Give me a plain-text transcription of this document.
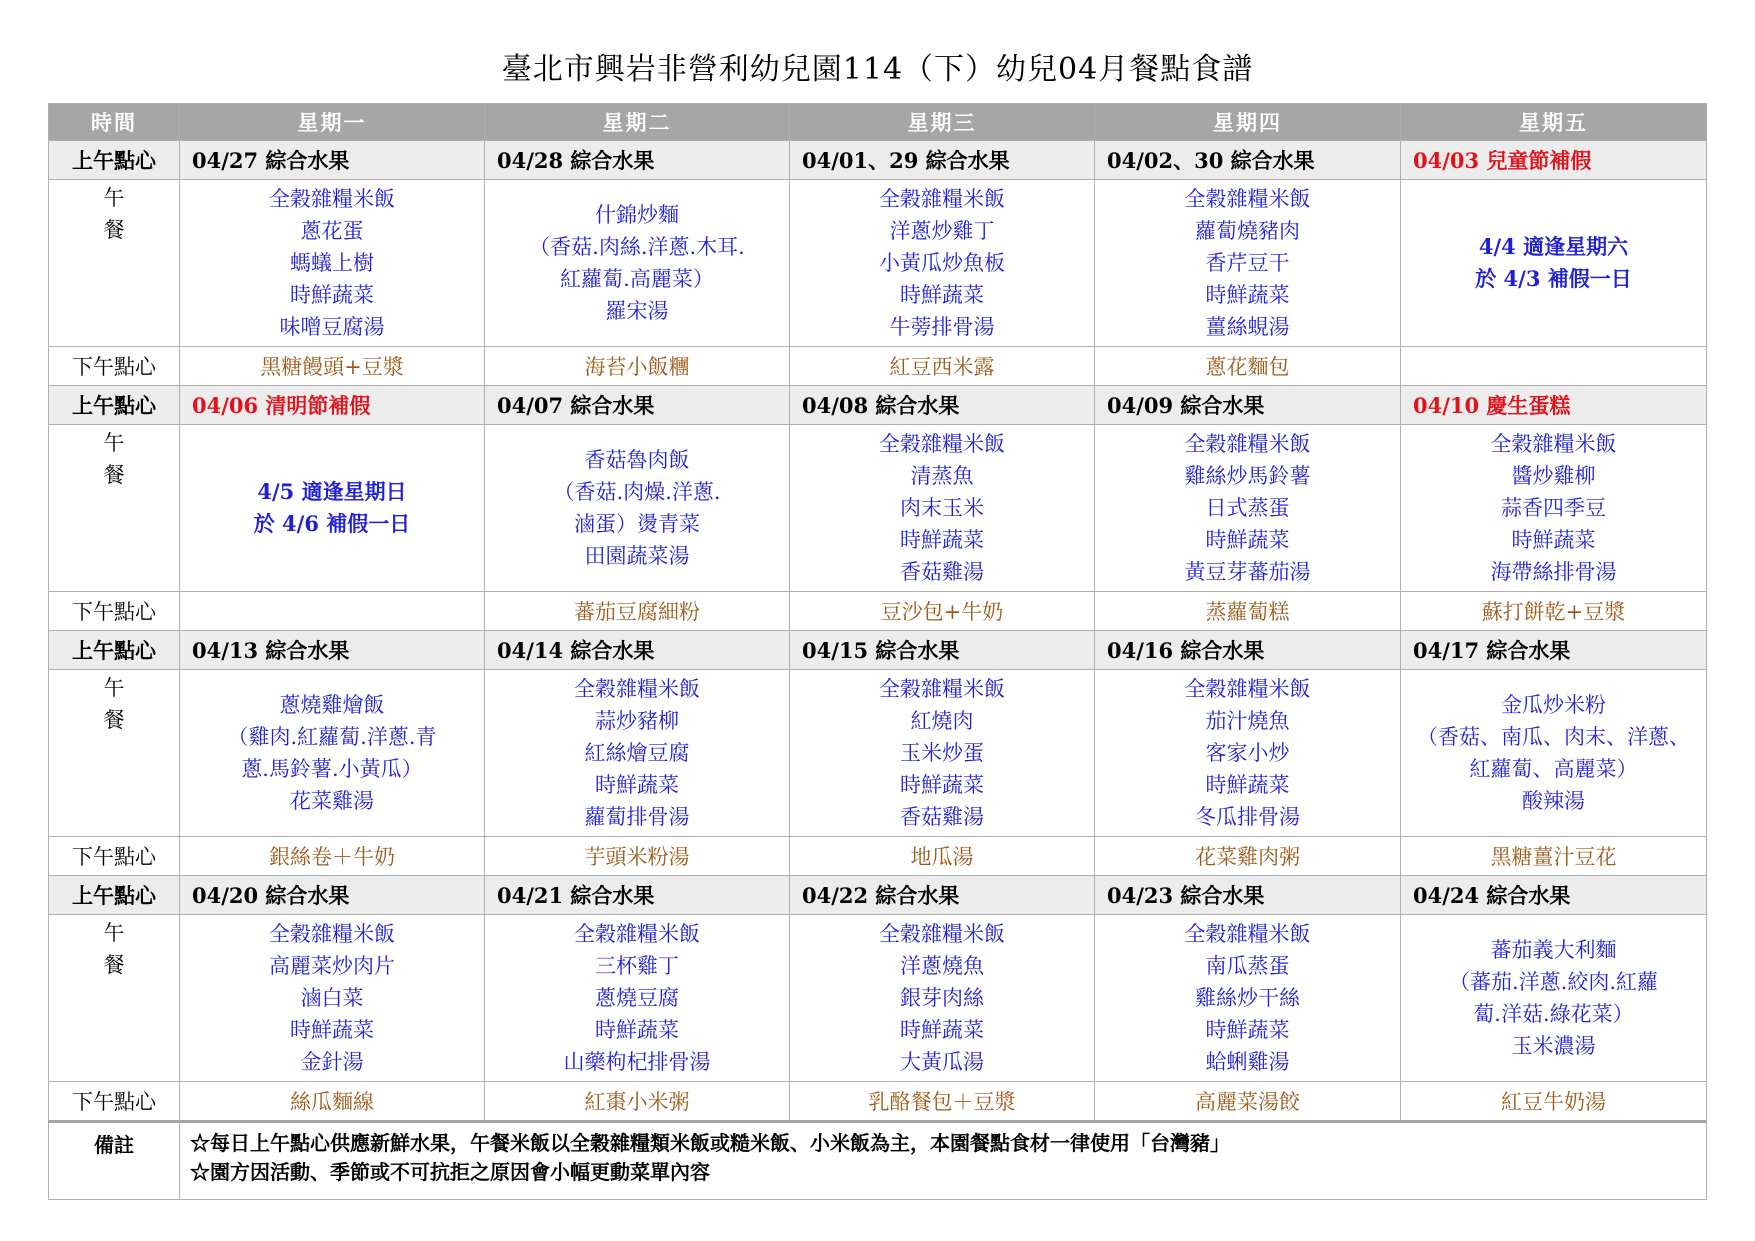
臺北市興岩非營利幼兒園114（下）幼兒04月餐點食譜
時間	星期一	星期二	星期三	星期四	星期五
上午點心	04/27 綜合水果	04/28 綜合水果	04/01、29 綜合水果	04/02、30 綜合水果	04/03 兒童節補假
午餐	全穀雜糧米飯
蔥花蛋
螞蟻上樹
時鮮蔬菜
味噌豆腐湯	什錦炒麵
（香菇.肉絲.洋蔥.木耳.
紅蘿蔔.高麗菜）
羅宋湯	全穀雜糧米飯
洋蔥炒雞丁
小黃瓜炒魚板
時鮮蔬菜
牛蒡排骨湯	全穀雜糧米飯
蘿蔔燒豬肉
香芹豆干
時鮮蔬菜
薑絲蜆湯	4/4 適逢星期六
於 4/3 補假一日

下午點心	黑糖饅頭+豆漿	海苔小飯糰	紅豆西米露	蔥花麵包	
上午點心	04/06 清明節補假	04/07 綜合水果	04/08 綜合水果	04/09 綜合水果	04/10 慶生蛋糕
午餐	4/5 適逢星期日
於 4/6 補假一日	香菇魯肉飯
（香菇.肉燥.洋蔥.
滷蛋）燙青菜
田園蔬菜湯	全穀雜糧米飯
清蒸魚
肉末玉米
時鮮蔬菜
香菇雞湯	全穀雜糧米飯
雞絲炒馬鈴薯
日式蒸蛋
時鮮蔬菜
黃豆芽蕃茄湯	全穀雜糧米飯
醬炒雞柳
蒜香四季豆
時鮮蔬菜
海帶絲排骨湯

下午點心		蕃茄豆腐細粉	豆沙包+牛奶	蒸蘿蔔糕	蘇打餅乾+豆漿
上午點心	04/13 綜合水果	04/14 綜合水果	04/15 綜合水果	04/16 綜合水果	04/17 綜合水果
午餐	蔥燒雞燴飯
（雞肉.紅蘿蔔.洋蔥.青
蔥.馬鈴薯.小黃瓜）
花菜雞湯	全穀雜糧米飯
蒜炒豬柳
紅絲燴豆腐
時鮮蔬菜
蘿蔔排骨湯	全穀雜糧米飯
紅燒肉
玉米炒蛋
時鮮蔬菜
香菇雞湯	全穀雜糧米飯
茄汁燒魚
客家小炒
時鮮蔬菜
冬瓜排骨湯	金瓜炒米粉
（香菇、南瓜、肉末、洋蔥、
紅蘿蔔、高麗菜）
酸辣湯

下午點心	銀絲卷＋牛奶	芋頭米粉湯	地瓜湯	花菜雞肉粥	黑糖薑汁豆花
上午點心	04/20 綜合水果	04/21 綜合水果	04/22 綜合水果	04/23 綜合水果	04/24 綜合水果
午餐	全穀雜糧米飯
高麗菜炒肉片
滷白菜
時鮮蔬菜
金針湯	全穀雜糧米飯
三杯雞丁
蔥燒豆腐
時鮮蔬菜
山藥枸杞排骨湯	全穀雜糧米飯
洋蔥燒魚
銀芽肉絲
時鮮蔬菜
大黃瓜湯	全穀雜糧米飯
南瓜蒸蛋
雞絲炒干絲
時鮮蔬菜
蛤蜊雞湯	蕃茄義大利麵
（蕃茄.洋蔥.絞肉.紅蘿
蔔.洋菇.綠花菜）
玉米濃湯

下午點心	絲瓜麵線	紅棗小米粥	乳酪餐包＋豆漿	高麗菜湯餃	紅豆牛奶湯
備註	☆每日上午點心供應新鮮水果，午餐米飯以全穀雜糧類米飯或糙米飯、小米飯為主，本園餐點食材一律使用「台灣豬」
☆園方因活動、季節或不可抗拒之原因會小幅更動菜單內容				
